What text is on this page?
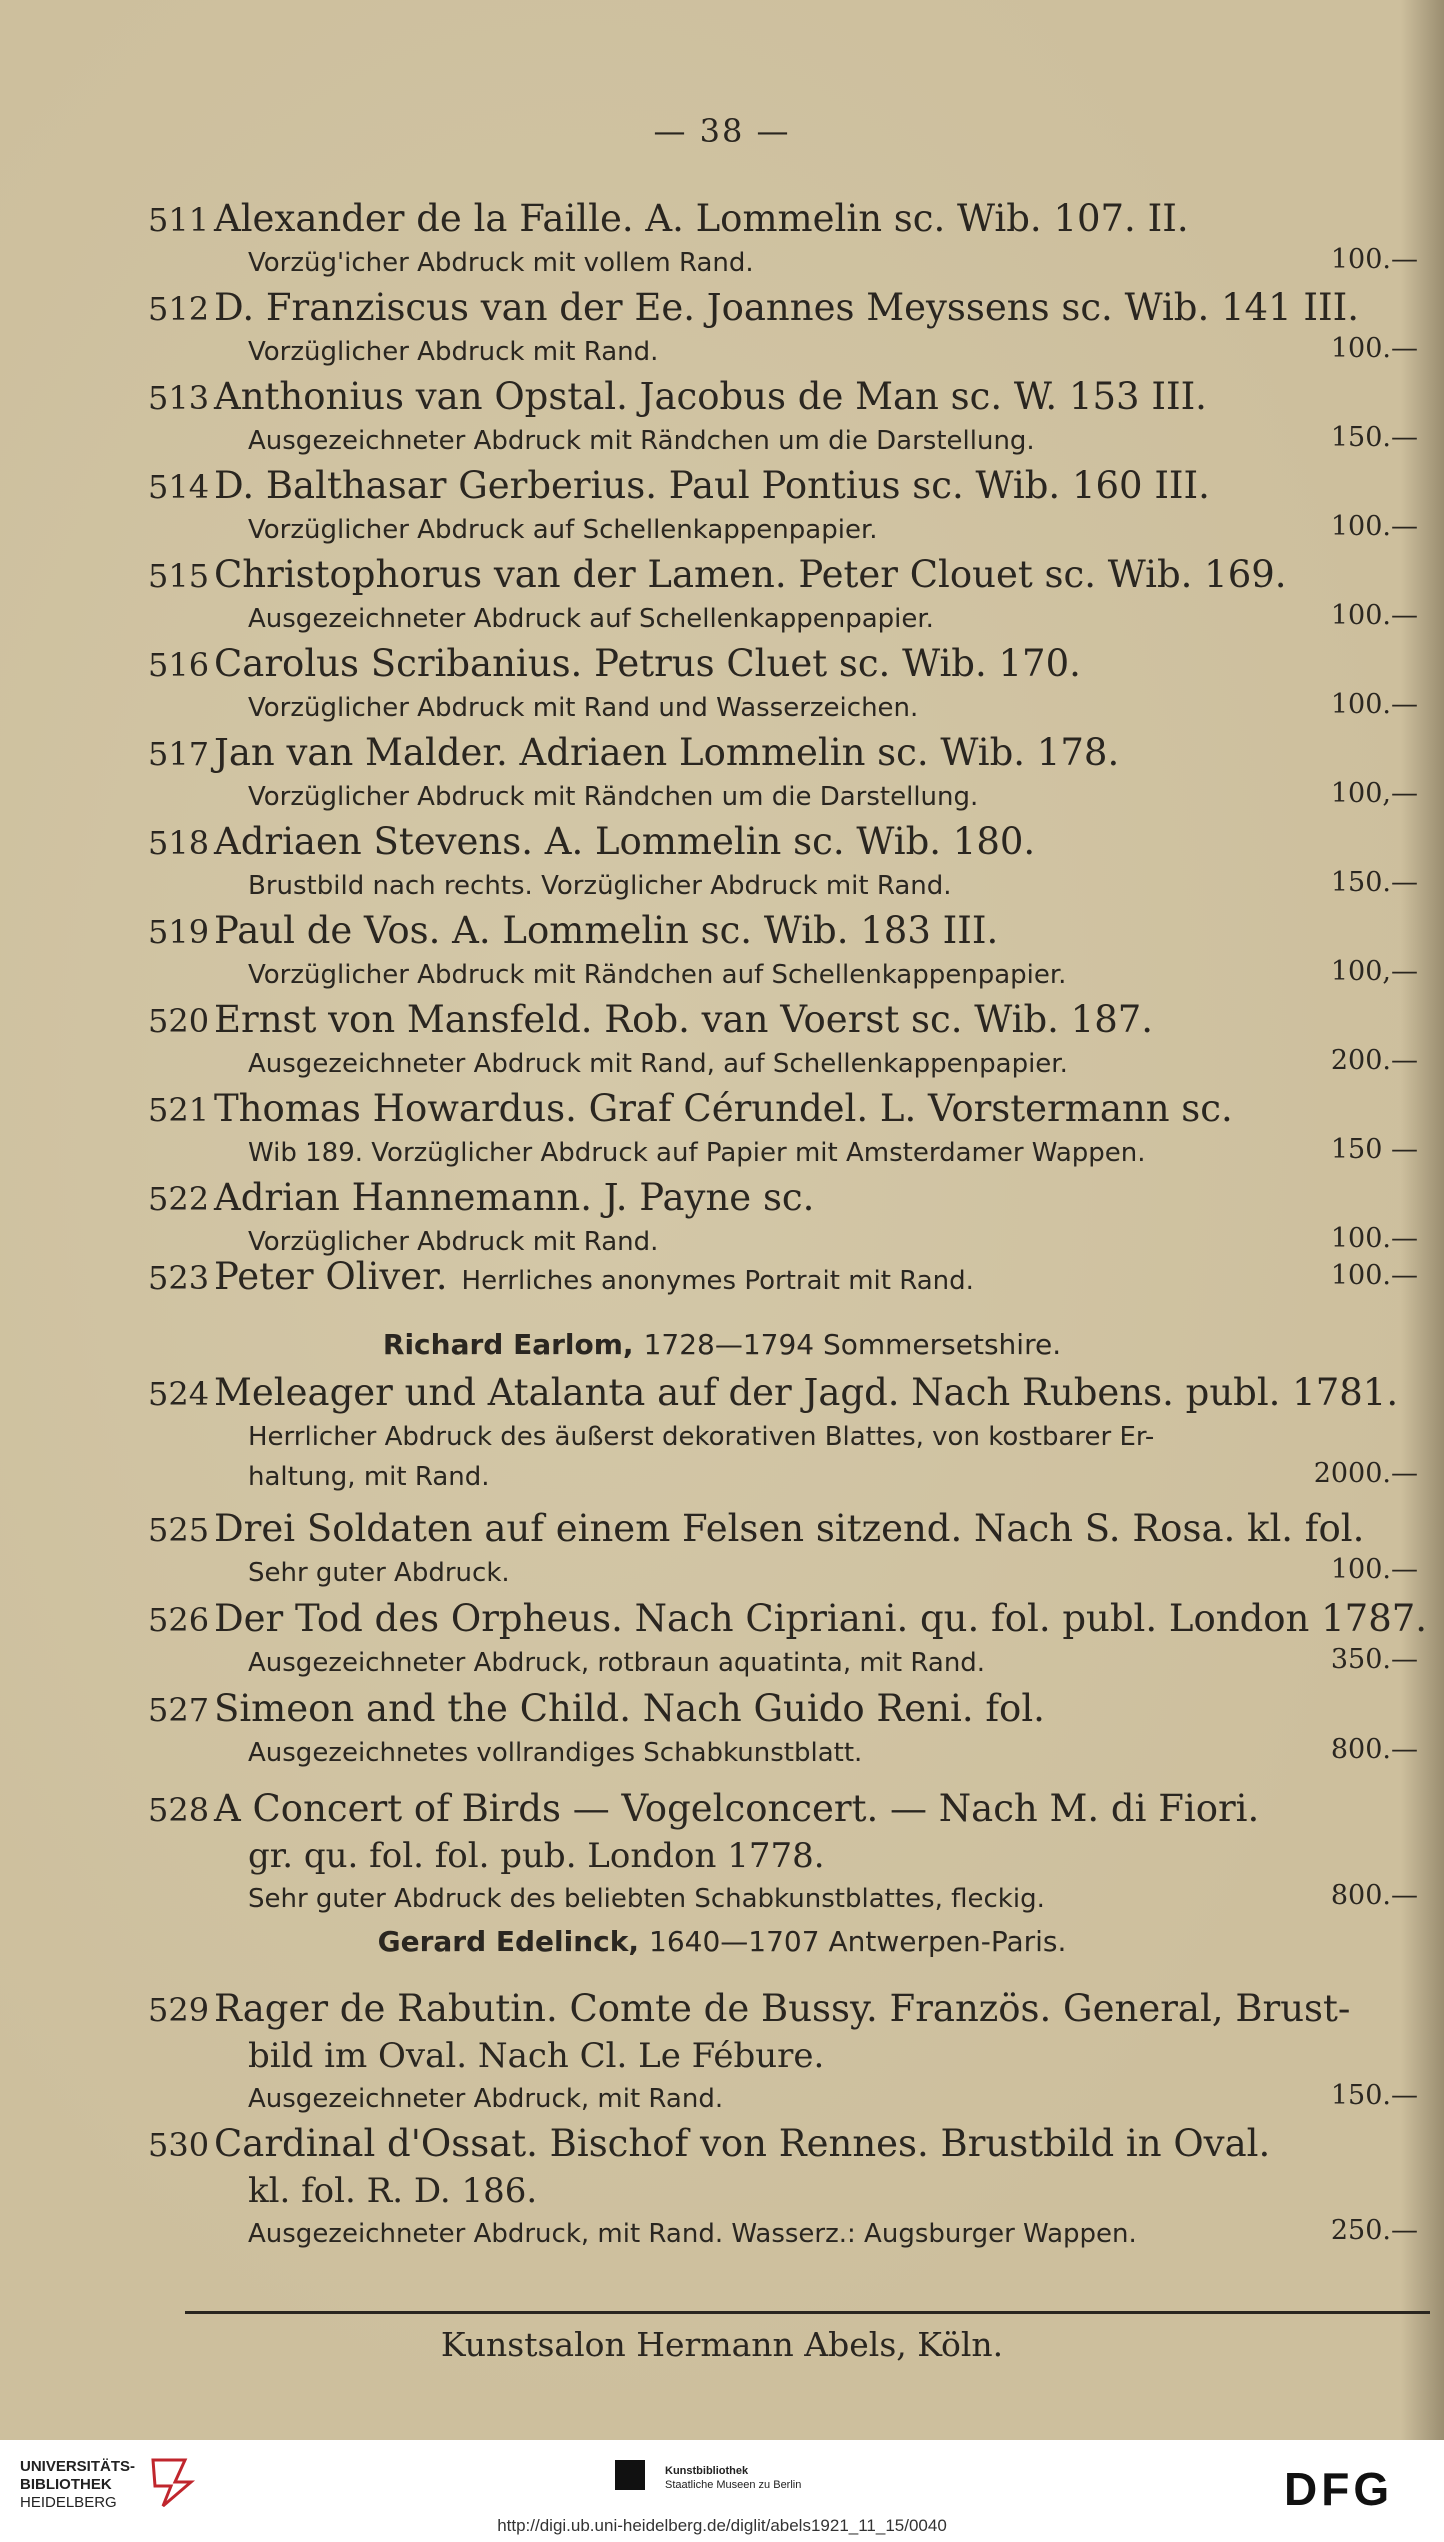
— 38 —
511 Alexander de la Faille. A. Lommelin sc. Wib. 107. II.
Vorzüg'icher Abdruck mit vollem Rand.	100.—
512 D. Franziscus van der Ee. Joannes Meyssens sc. Wib. 141 III.
Vorzüglicher Abdruck mit Rand.	100.—
513 Anthonius van Opstal. Jacobus de Man sc. W. 153 III.
Ausgezeichneter Abdruck mit Rändchen um die Darstellung.	150.—
514 D. Balthasar Gerberius. Paul Pontius sc. Wib. 160 III.
Vorzüglicher Abdruck auf Schellenkappenpapier.	100.—
515 Christophorus van der Lamen. Peter Clouet sc. Wib. 169.
Ausgezeichneter Abdruck auf Schellenkappenpapier.	100.—
516 Carolus Scribanius. Petrus Cluet sc. Wib. 170.
Vorzüglicher Abdruck mit Rand und Wasserzeichen.	100.—
517 Jan van Malder. Adriaen Lommelin sc. Wib. 178.
Vorzüglicher Abdruck mit Rändchen um die Darstellung.	100,—
518 Adriaen Stevens. A. Lommelin sc. Wib. 180.
Brustbild nach rechts. Vorzüglicher Abdruck mit Rand.	150.—
519 Paul de Vos. A. Lommelin sc. Wib. 183 III.
Vorzüglicher Abdruck mit Rändchen auf Schellenkappenpapier.	100,—
520 Ernst von Mansfeld. Rob. van Voerst sc. Wib. 187.
Ausgezeichneter Abdruck mit Rand, auf Schellenkappenpapier.	200.—
521 Thomas Howardus. Graf Cérundel. L. Vorstermann sc.
Wib 189. Vorzüglicher Abdruck auf Papier mit Amsterdamer Wappen.	150 —
522 Adrian Hannemann. J. Payne sc.
Vorzüglicher Abdruck mit Rand.	100.—
523 Peter Oliver. Herrliches anonymes Portrait mit Rand.	100.—
524 Meleager und Atalanta auf der Jagd. Nach Rubens. publ. 1781.
Herrlicher Abdruck des äußerst dekorativen Blattes, von kostbarer Er-
haltung, mit Rand.	2000.—
525 Drei Soldaten auf einem Felsen sitzend. Nach S. Rosa. kl. fol.
Sehr guter Abdruck.	100.—
526 Der Tod des Orpheus. Nach Cipriani. qu. fol. publ. London 1787.
Ausgezeichneter Abdruck, rotbraun aquatinta, mit Rand.	350.—
527 Simeon and the Child. Nach Guido Reni. fol.
Ausgezeichnetes vollrandiges Schabkunstblatt.	800.—
528 A Concert of Birds — Vogelconcert. — Nach M. di Fiori.
gr. qu. fol. fol. pub. London 1778.
Sehr guter Abdruck des beliebten Schabkunstblattes, fleckig.	800.—
529 Rager de Rabutin. Comte de Bussy. Französ. General, Brust-
bild im Oval. Nach Cl. Le Fébure.
Ausgezeichneter Abdruck, mit Rand.	150.—
530 Cardinal d'Ossat. Bischof von Rennes. Brustbild in Oval.
kl. fol. R. D. 186.
Ausgezeichneter Abdruck, mit Rand. Wasserz.: Augsburger Wappen.	250.—
Richard Earlom, 1728—1794 Sommersetshire.
Gerard Edelinck, 1640—1707 Antwerpen-Paris.
Kunstsalon Hermann Abels, Köln.
UNIVERSITÄTS-
BIBLIOTHEK
HEIDELBERG
Kunstbibliothek
Staatliche Museen zu Berlin	DFG
http://digi.ub.uni-heidelberg.de/diglit/abels1921_11_15/0040
